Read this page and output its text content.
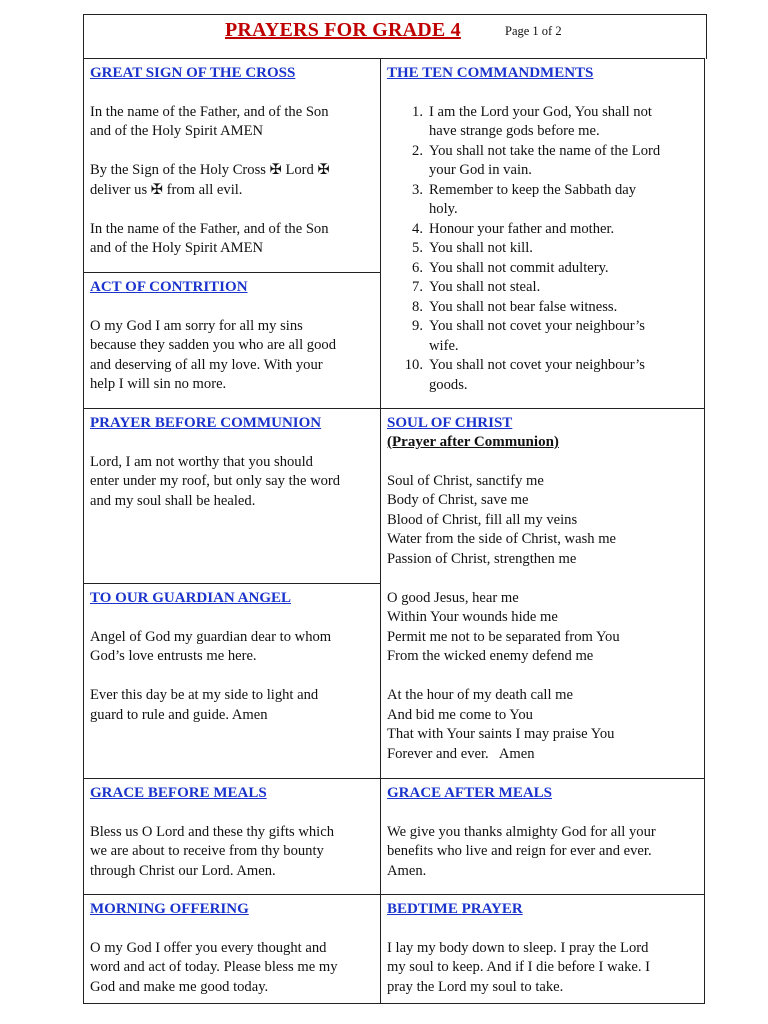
PRAYERS FOR GRADE 4	Page 1 of 2
GREAT SIGN OF THE CROSS
In the name of the Father, and of the Son
and of the Holy Spirit AMEN
By the Sign of the Holy Cross ✠ Lord ✠
deliver us ✠ from all evil.
In the name of the Father, and of the Son
and of the Holy Spirit AMEN
ACT OF CONTRITION
O my God I am sorry for all my sins
because they sadden you who are all good
and deserving of all my love. With your
help I will sin no more.
THE TEN COMMANDMENTS
1. I am the Lord your God, You shall not
have strange gods before me.
2. You shall not take the name of the Lord
your God in vain.
3. Remember to keep the Sabbath day
holy.
4. Honour your father and mother.
5. You shall not kill.
6. You shall not commit adultery.
7. You shall not steal.
8. You shall not bear false witness.
9. You shall not covet your neighbour’s
wife.
10. You shall not covet your neighbour’s
goods.
PRAYER BEFORE COMMUNION
Lord, I am not worthy that you should
enter under my roof, but only say the word
and my soul shall be healed.
TO OUR GUARDIAN ANGEL
Angel of God my guardian dear to whom
God’s love entrusts me here.
Ever this day be at my side to light and
guard to rule and guide. Amen
SOUL OF CHRIST
(Prayer after Communion)
Soul of Christ, sanctify me
Body of Christ, save me
Blood of Christ, fill all my veins
Water from the side of Christ, wash me
Passion of Christ, strengthen me
O good Jesus, hear me
Within Your wounds hide me
Permit me not to be separated from You
From the wicked enemy defend me
At the hour of my death call me
And bid me come to You
That with Your saints I may praise You
Forever and ever.   Amen
GRACE BEFORE MEALS
Bless us O Lord and these thy gifts which
we are about to receive from thy bounty
through Christ our Lord. Amen.
GRACE AFTER MEALS
We give you thanks almighty God for all your
benefits who live and reign for ever and ever.
Amen.
MORNING OFFERING
O my God I offer you every thought and
word and act of today. Please bless me my
God and make me good today.
BEDTIME PRAYER
I lay my body down to sleep. I pray the Lord
my soul to keep. And if I die before I wake. I
pray the Lord my soul to take.
